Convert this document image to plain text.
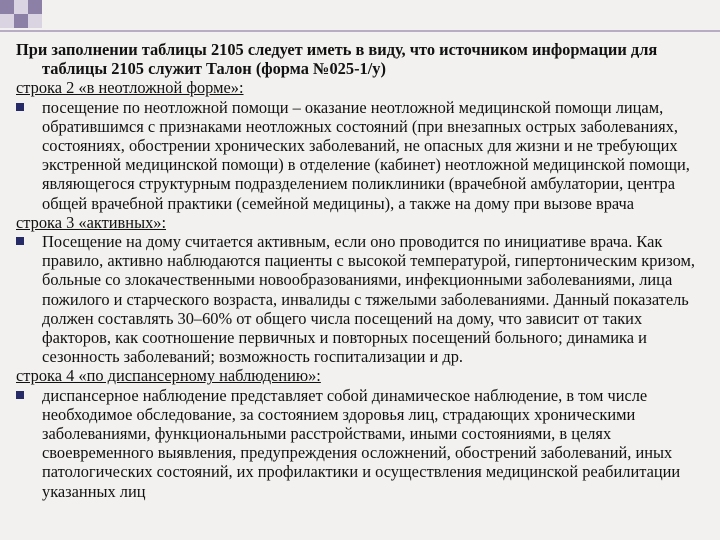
При заполнении таблицы 2105 следует иметь в виду, что источником информации для таблицы 2105 служит Талон (форма №025-1/у)

строка 2 «в неотложной форме»:

посещение по неотложной помощи – оказание неотложной медицинской помощи лицам, обратившимся с признаками неотложных состояний (при внезапных острых заболеваниях, состояниях, обострении хронических заболеваний, не опасных для жизни и не требующих экстренной медицинской помощи) в отделение (кабинет) неотложной медицинской помощи, являющегося структурным подразделением поликлиники (врачебной амбулатории, центра общей врачебной практики (семейной медицины), а также на дому при вызове врача

строка 3 «активных»:

Посещение на дому считается активным, если оно проводится по инициативе врача. Как правило, активно наблюдаются пациенты с высокой температурой, гипертоническим кризом, больные со злокачественными новообразованиями, инфекционными заболеваниями, лица пожилого и старческого возраста, инвалиды с тяжелыми заболеваниями. Данный показатель должен составлять 30–60% от общего числа посещений на дому, что зависит от таких факторов, как соотношение первичных и повторных посещений больного; динамика и сезонность заболеваний; возможность госпитализации и др.

строка 4 «по диспансерному наблюдению»:

диспансерное наблюдение представляет собой динамическое наблюдение, в том числе необходимое обследование, за состоянием здоровья лиц, страдающих хроническими заболеваниями, функциональными расстройствами, иными состояниями, в целях своевременного выявления, предупреждения осложнений, обострений заболеваний, иных патологических состояний, их профилактики и осуществления медицинской реабилитации указанных лиц
